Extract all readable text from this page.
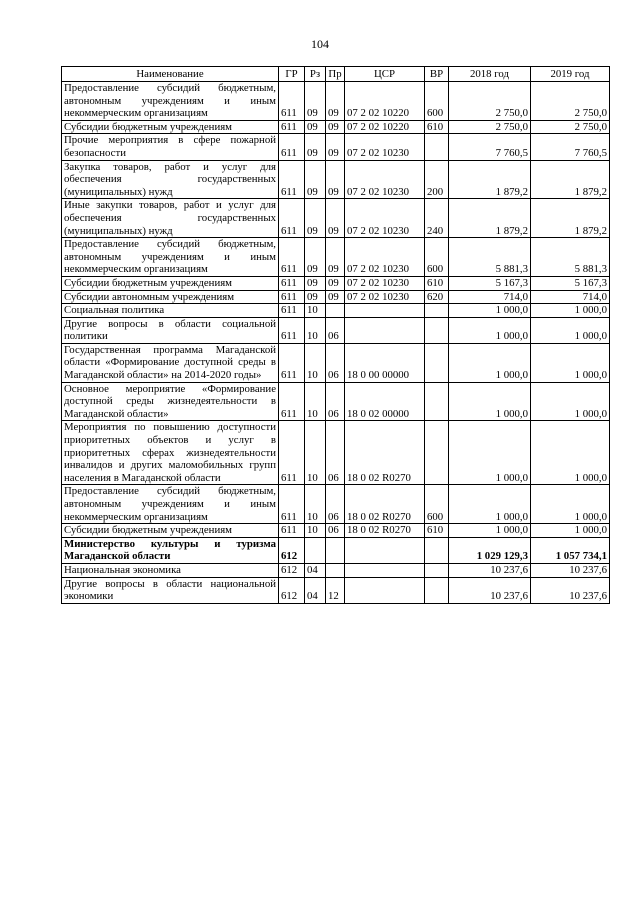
104
Наименование	ГР	Рз	Пр	ЦСР	ВР	2018 год	2019 год
Предоставление субсидий бюджетным, автономным учреждениям и иным некоммерческим организациям	611	09	09	07 2 02 10220	600	2 750,0	2 750,0
Субсидии бюджетным учреждениям	611	09	09	07 2 02 10220	610	2 750,0	2 750,0
Прочие мероприятия в сфере пожарной безопасности	611	09	09	07 2 02 10230		7 760,5	7 760,5
Закупка товаров, работ и услуг для обеспечения государственных (муниципальных) нужд	611	09	09	07 2 02 10230	200	1 879,2	1 879,2
Иные закупки товаров, работ и услуг для обеспечения государственных (муниципальных) нужд	611	09	09	07 2 02 10230	240	1 879,2	1 879,2
Предоставление субсидий бюджетным, автономным учреждениям и иным некоммерческим организациям	611	09	09	07 2 02 10230	600	5 881,3	5 881,3
Субсидии бюджетным учреждениям	611	09	09	07 2 02 10230	610	5 167,3	5 167,3
Субсидии автономным учреждениям	611	09	09	07 2 02 10230	620	714,0	714,0
Социальная политика	611	10				1 000,0	1 000,0
Другие вопросы в области социальной политики	611	10	06			1 000,0	1 000,0
Государственная программа Магаданской области «Формирование доступной среды в Магаданской области» на 2014-2020 годы»	611	10	06	18 0 00 00000		1 000,0	1 000,0
Основное мероприятие «Формирование доступной среды жизнедеятельности в Магаданской области»	611	10	06	18 0 02 00000		1 000,0	1 000,0
Мероприятия по повышению доступности приоритетных объектов и услуг в приоритетных сферах жизнедеятельности инвалидов и других маломобильных групп населения в Магаданской области	611	10	06	18 0 02 R0270		1 000,0	1 000,0
Предоставление субсидий бюджетным, автономным учреждениям и иным некоммерческим организациям	611	10	06	18 0 02 R0270	600	1 000,0	1 000,0
Субсидии бюджетным учреждениям	611	10	06	18 0 02 R0270	610	1 000,0	1 000,0
Министерство культуры и туризма Магаданской области	612					1 029 129,3	1 057 734,1
Национальная экономика	612	04				10 237,6	10 237,6
Другие вопросы в области национальной экономики	612	04	12			10 237,6	10 237,6
